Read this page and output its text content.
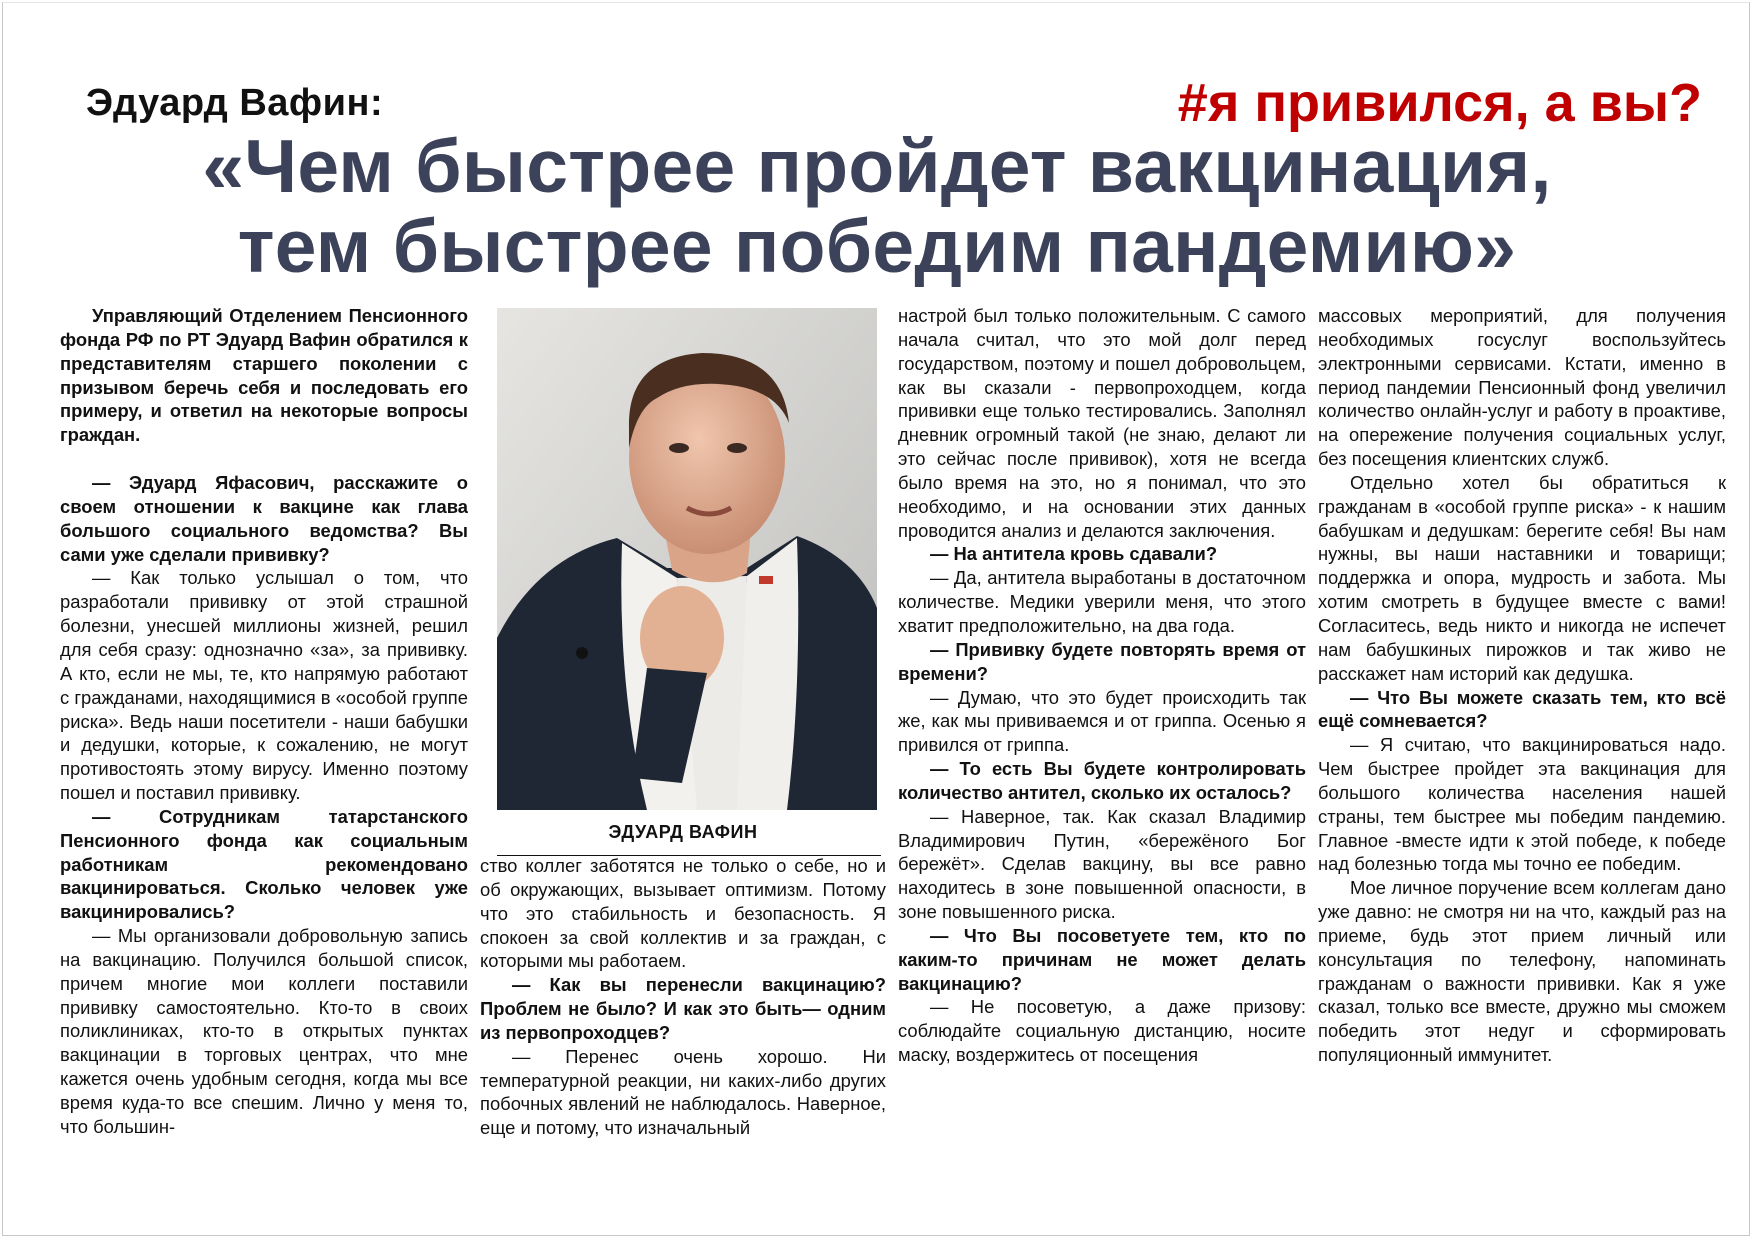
Эдуард Вафин:	#я привился, а вы?
«Чем быстрее пройдет вакцинация,
тем быстрее победим пандемию»

Управляющий Отделением Пенсионного фонда РФ по РТ Эдуард Вафин обратился к представителям старшего поколении с призывом беречь себя и последовать его примеру, и ответил на некоторые вопросы граждан.

— Эдуард Яфасович, расскажите о своем отношении к вакцине как глава большого социального ведомства? Вы сами уже сделали прививку?

— Как только услышал о том, что разработали прививку от этой страшной болезни, унесшей миллионы жизней, решил для себя сразу: однозначно «за», за прививку. А кто, если не мы, те, кто напрямую работают с гражданами, находящимися в «особой группе риска». Ведь наши посетители - наши бабушки и дедушки, которые, к сожалению, не могут противостоять этому вирусу. Именно поэтому пошел и поставил прививку.

— Сотрудникам татарстанского Пенсионного фонда как социальным работникам рекомендовано вакцинироваться. Сколько человек уже вакцинировались?

— Мы организовали добровольную запись на вакцинацию. Получился большой список, причем многие мои коллеги поставили прививку самостоятельно. Кто-то в своих поликлиниках, кто-то в открытых пунктах вакцинации в торговых центрах, что мне кажется очень удобным сегодня, когда мы все время куда-то все спешим. Лично у меня то, что большин-

ЭДУАРД ВАФИН

ство коллег заботятся не только о себе, но и об окружающих, вызывает оптимизм. Потому что это стабильность и безопасность. Я спокоен за свой коллектив и за граждан, с которыми мы работаем.

— Как вы перенесли вакцинацию? Проблем не было? И как это быть— одним из первопроходцев?

— Перенес очень хорошо. Ни температурной реакции, ни каких-либо других побочных явлений не наблюдалось. Наверное, еще и потому, что изначальный

настрой был только положительным. С самого начала считал, что это мой долг перед государством, поэтому и пошел добровольцем, как вы сказали - первопроходцем, когда прививки еще только тестировались. Заполнял дневник огромный такой (не знаю, делают ли это сейчас после прививок), хотя не всегда было время на это, но я понимал, что это необходимо, и на основании этих данных проводится анализ и делаются заключения.

— На антитела кровь сдавали?

— Да, антитела выработаны в достаточном количестве. Медики уверили меня, что этого хватит предположительно, на два года.

— Прививку будете повторять время от времени?

— Думаю, что это будет происходить так же, как мы прививаемся и от гриппа. Осенью я привился от гриппа.

— То есть Вы будете контролировать количество антител, сколько их осталось?

— Наверное, так. Как сказал Владимир Владимирович Путин, «бережёного Бог бережёт». Сделав вакцину, вы все равно находитесь в зоне повышенной опасности, в зоне повышенного риска.

— Что Вы посоветуете тем, кто по каким-то причинам не может делать вакцинацию?

— Не посоветую, а даже призову: соблюдайте социальную дистанцию, носите маску, воздержитесь от посещения

массовых мероприятий, для получения необходимых госуслуг воспользуйтесь электронными сервисами. Кстати, именно в период пандемии Пенсионный фонд увеличил количество онлайн-услуг и работу в проактиве, на опережение получения социальных услуг, без посещения клиентских служб.

Отдельно хотел бы обратиться к гражданам в «особой группе риска» - к нашим бабушкам и дедушкам: берегите себя! Вы нам нужны, вы наши наставники и товарищи; поддержка и опора, мудрость и забота. Мы хотим смотреть в будущее вместе с вами! Согласитесь, ведь никто и никогда не испечет нам бабушкиных пирожков и так живо не расскажет нам историй как дедушка.

— Что Вы можете сказать тем, кто всё ещё сомневается?

— Я считаю, что вакцинироваться надо. Чем быстрее пройдет эта вакцинация для большого количества населения нашей страны, тем быстрее мы победим пандемию. Главное -вместе идти к этой победе, к победе над болезнью тогда мы точно ее победим.

Мое личное поручение всем коллегам дано уже давно: не смотря ни на что, каждый раз на приеме, будь этот прием личный или консультация по телефону, напоминать гражданам о важности прививки. Как я уже сказал, только все вместе, дружно мы сможем победить этот недуг и сформировать популяционный иммунитет.
